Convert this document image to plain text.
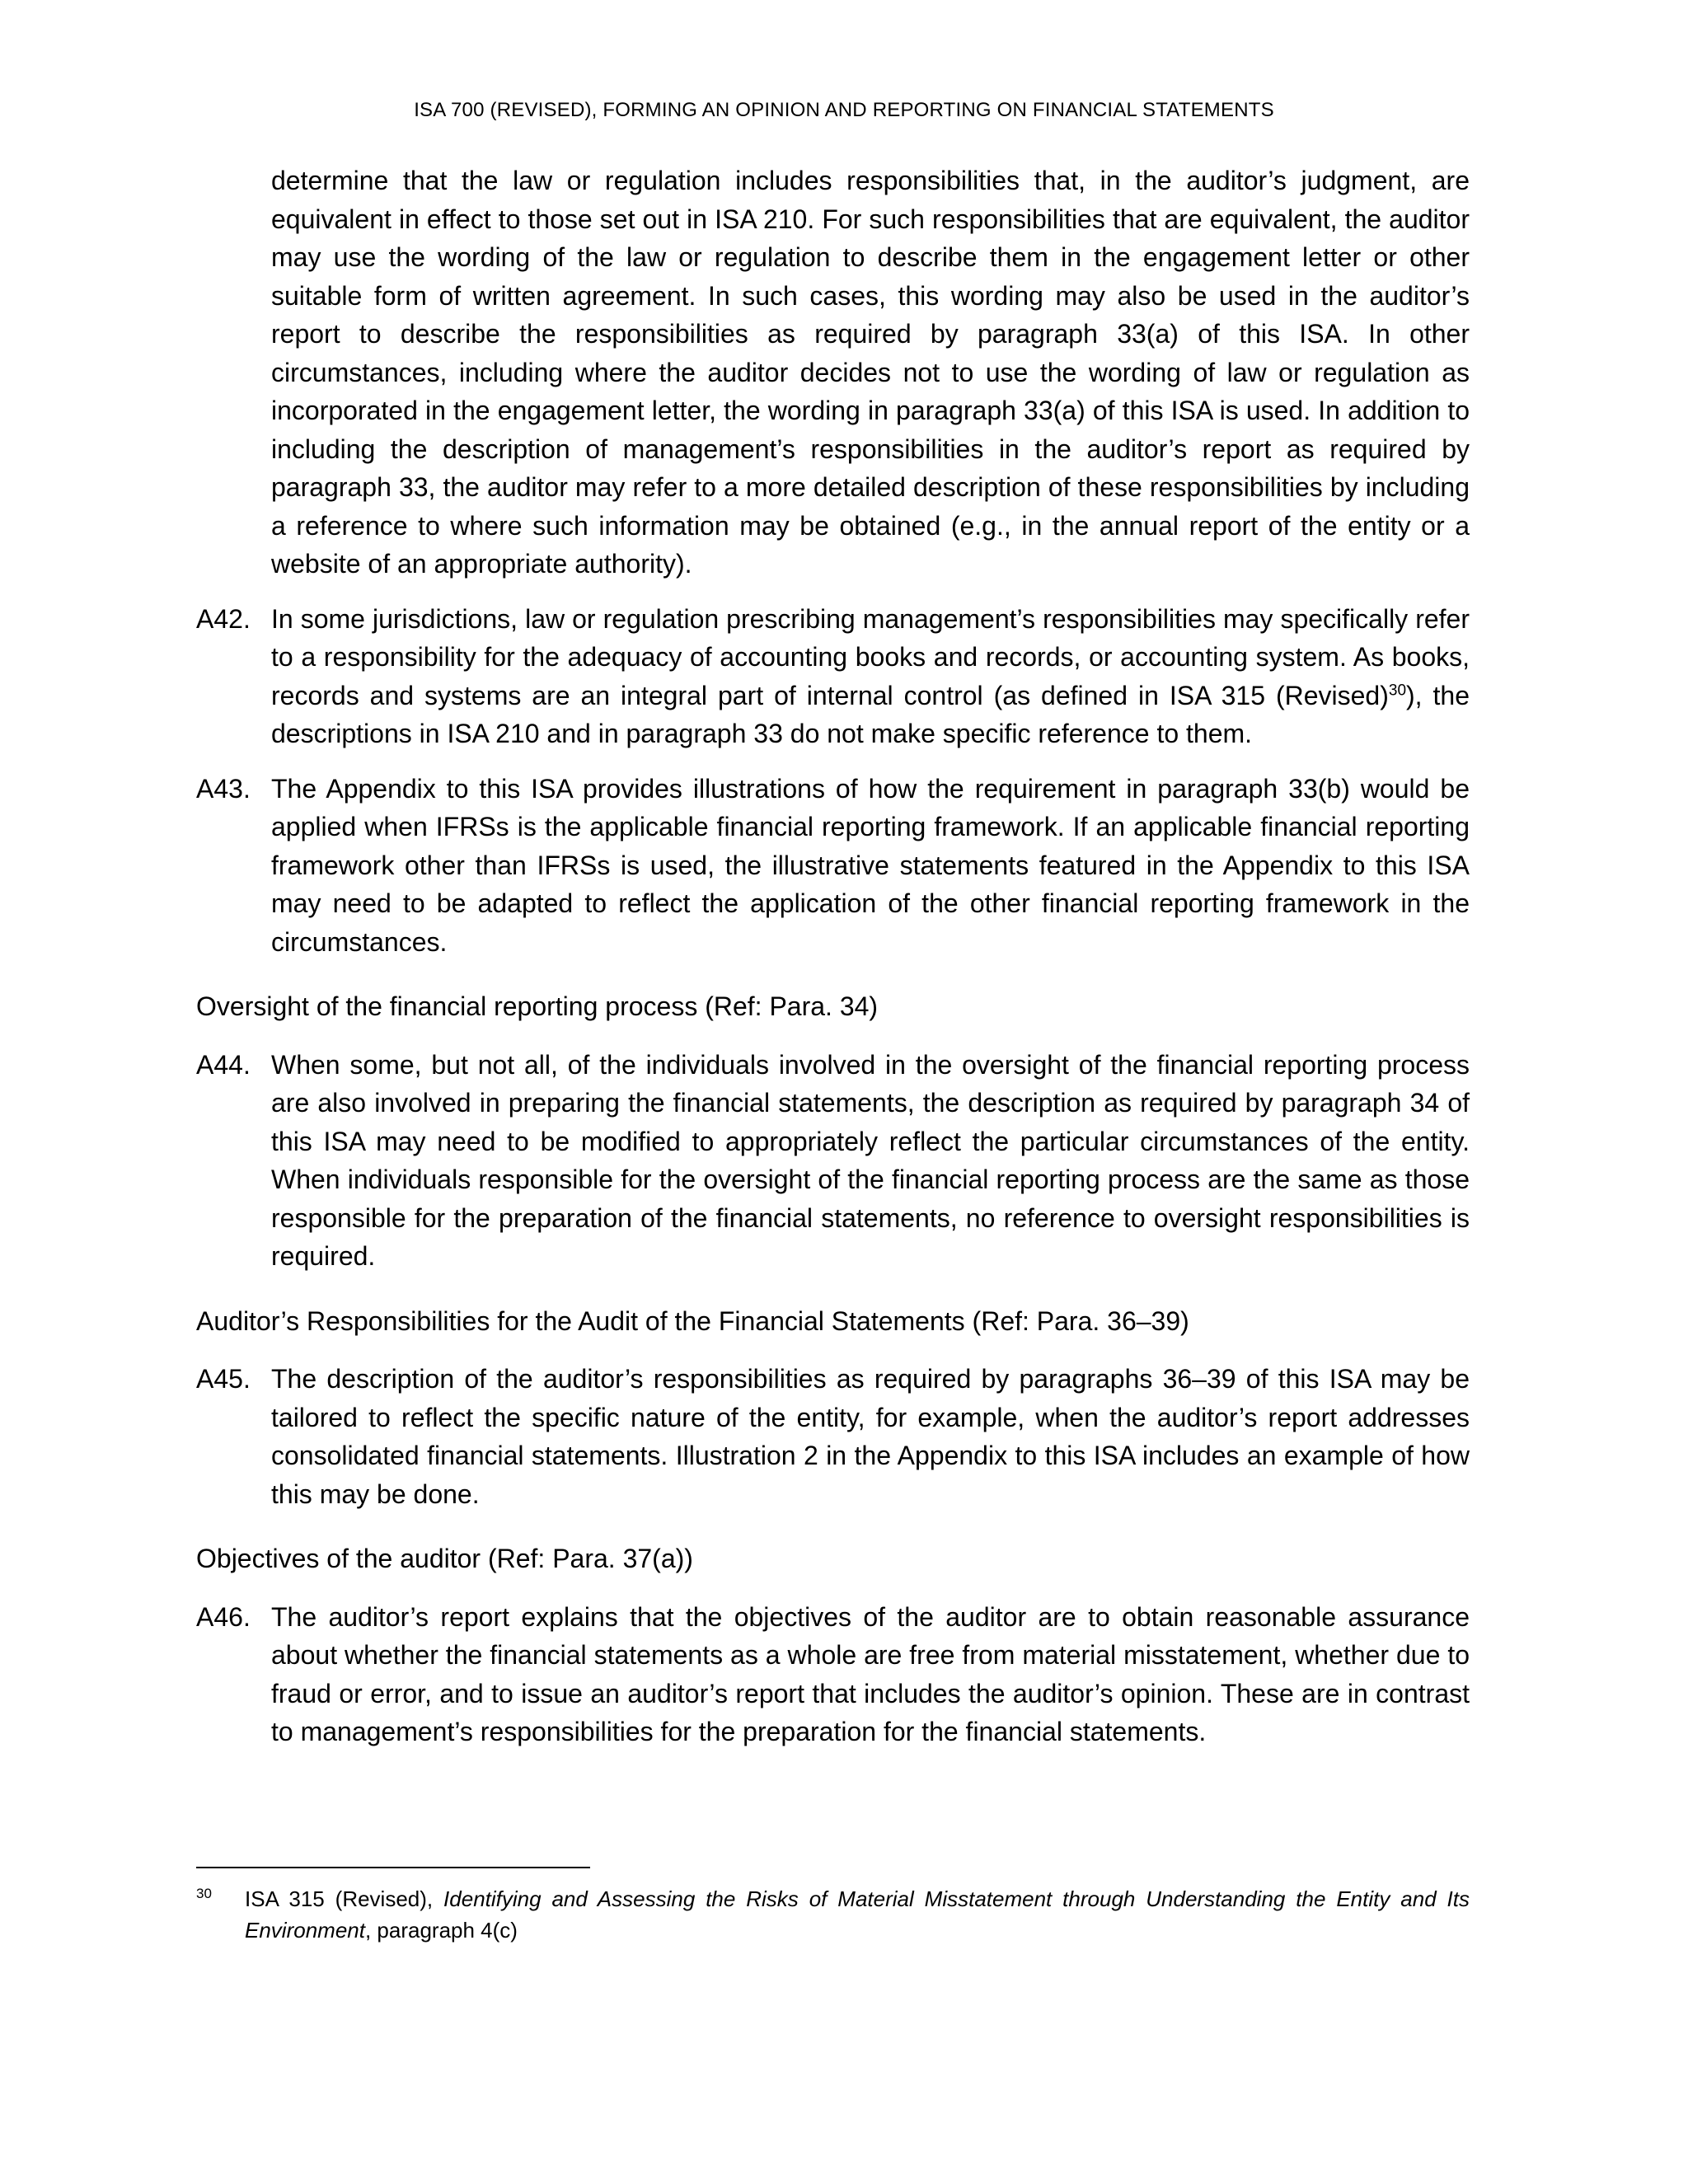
ISA 700 (REVISED), FORMING AN OPINION AND REPORTING ON FINANCIAL STATEMENTS
determine that the law or regulation includes responsibilities that, in the auditor’s judgment, are equivalent in effect to those set out in ISA 210. For such responsibilities that are equivalent, the auditor may use the wording of the law or regulation to describe them in the engagement letter or other suitable form of written agreement. In such cases, this wording may also be used in the auditor’s report to describe the responsibilities as required by paragraph 33(a) of this ISA. In other circumstances, including where the auditor decides not to use the wording of law or regulation as incorporated in the engagement letter, the wording in paragraph 33(a) of this ISA is used. In addition to including the description of management’s responsibilities in the auditor’s report as required by paragraph 33, the auditor may refer to a more detailed description of these responsibilities by including a reference to where such information may be obtained (e.g., in the annual report of the entity or a website of an appropriate authority).
A42. In some jurisdictions, law or regulation prescribing management’s responsibilities may specifically refer to a responsibility for the adequacy of accounting books and records, or accounting system. As books, records and systems are an integral part of internal control (as defined in ISA 315 (Revised)$^{30}$), the descriptions in ISA 210 and in paragraph 33 do not make specific reference to them.
A43. The Appendix to this ISA provides illustrations of how the requirement in paragraph 33(b) would be applied when IFRSs is the applicable financial reporting framework. If an applicable financial reporting framework other than IFRSs is used, the illustrative statements featured in the Appendix to this ISA may need to be adapted to reflect the application of the other financial reporting framework in the circumstances.
Oversight of the financial reporting process (Ref: Para. 34)
A44. When some, but not all, of the individuals involved in the oversight of the financial reporting process are also involved in preparing the financial statements, the description as required by paragraph 34 of this ISA may need to be modified to appropriately reflect the particular circumstances of the entity. When individuals responsible for the oversight of the financial reporting process are the same as those responsible for the preparation of the financial statements, no reference to oversight responsibilities is required.
Auditor’s Responsibilities for the Audit of the Financial Statements (Ref: Para. 36–39)
A45. The description of the auditor’s responsibilities as required by paragraphs 36–39 of this ISA may be tailored to reflect the specific nature of the entity, for example, when the auditor’s report addresses consolidated financial statements. Illustration 2 in the Appendix to this ISA includes an example of how this may be done.
Objectives of the auditor (Ref: Para. 37(a))
A46. The auditor’s report explains that the objectives of the auditor are to obtain reasonable assurance about whether the financial statements as a whole are free from material misstatement, whether due to fraud or error, and to issue an auditor’s report that includes the auditor’s opinion. These are in contrast to management’s responsibilities for the preparation for the financial statements.
30	ISA 315 (Revised), Identifying and Assessing the Risks of Material Misstatement through Understanding the Entity and Its Environment, paragraph 4(c)
